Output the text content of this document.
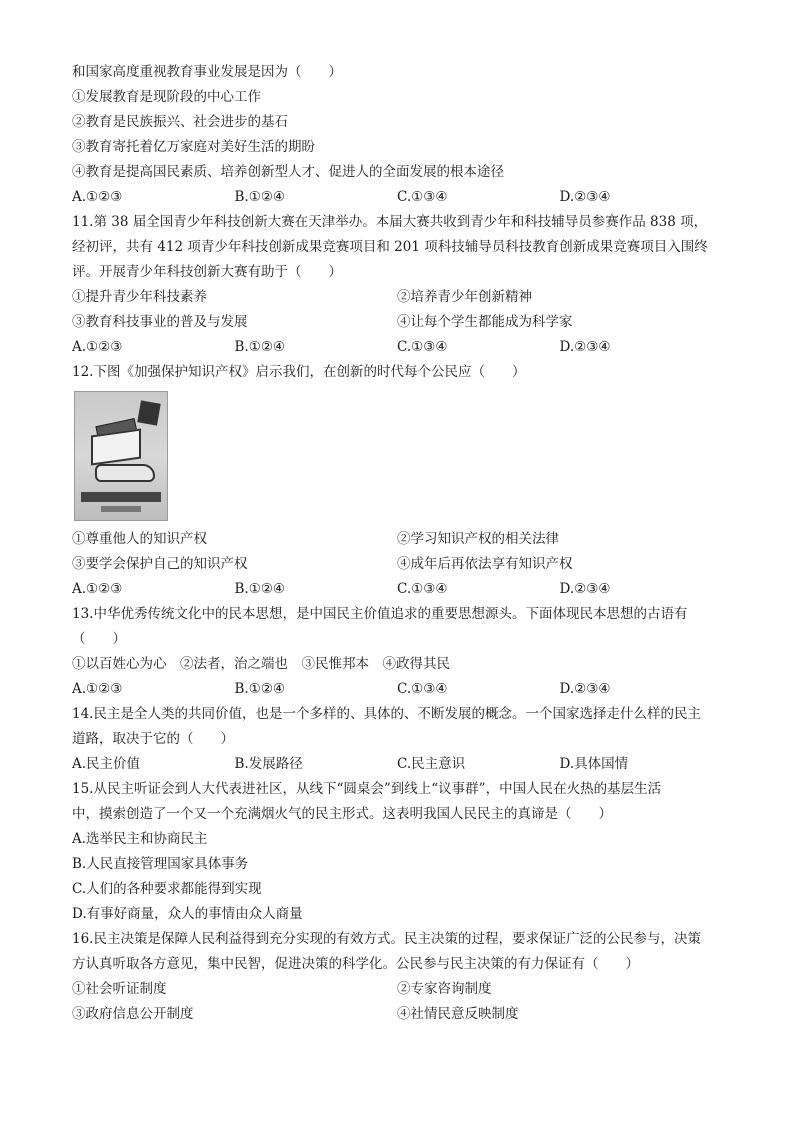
和国家高度重视教育事业发展是因为（　　）
①发展教育是现阶段的中心工作
②教育是民族振兴、社会进步的基石
③教育寄托着亿万家庭对美好生活的期盼
④教育是提高国民素质、培养创新型人才、促进人的全面发展的根本途径
A.①②③	B.①②④	C.①③④	D.②③④
11.第 38 届全国青少年科技创新大赛在天津举办。本届大赛共收到青少年和科技辅导员参赛作品 838 项，
经初评，共有 412 项青少年科技创新成果竞赛项目和 201 项科技辅导员科技教育创新成果竞赛项目入围终
评。开展青少年科技创新大赛有助于（　　）
①提升青少年科技素养	②培养青少年创新精神
③教育科技事业的普及与发展	④让每个学生都能成为科学家
A.①②③	B.①②④	C.①③④	D.②③④
12.下图《加强保护知识产权》启示我们，在创新的时代每个公民应（　　）
①尊重他人的知识产权	②学习知识产权的相关法律
③要学会保护自己的知识产权	④成年后再依法享有知识产权
A.①②③	B.①②④	C.①③④	D.②③④
13.中华优秀传统文化中的民本思想，是中国民主价值追求的重要思想源头。下面体现民本思想的古语有
（　　）
①以百姓心为心　②法者，治之端也　③民惟邦本　④政得其民
A.①②③	B.①②④	C.①③④	D.②③④
14.民主是全人类的共同价值，也是一个多样的、具体的、不断发展的概念。一个国家选择走什么样的民主
道路，取决于它的（　　）
A.民主价值	B.发展路径	C.民主意识	D.具体国情
15.从民主听证会到人大代表进社区，从线下“圆桌会”到线上“议事群”，中国人民在火热的基层生活
中，摸索创造了一个又一个充满烟火气的民主形式。这表明我国人民民主的真谛是（　　）
A.选举民主和协商民主
B.人民直接管理国家具体事务
C.人们的各种要求都能得到实现
D.有事好商量，众人的事情由众人商量
16.民主决策是保障人民利益得到充分实现的有效方式。民主决策的过程，要求保证广泛的公民参与，决策
方认真听取各方意见，集中民智，促进决策的科学化。公民参与民主决策的有力保证有（　　）
①社会听证制度	②专家咨询制度
③政府信息公开制度	④社情民意反映制度
